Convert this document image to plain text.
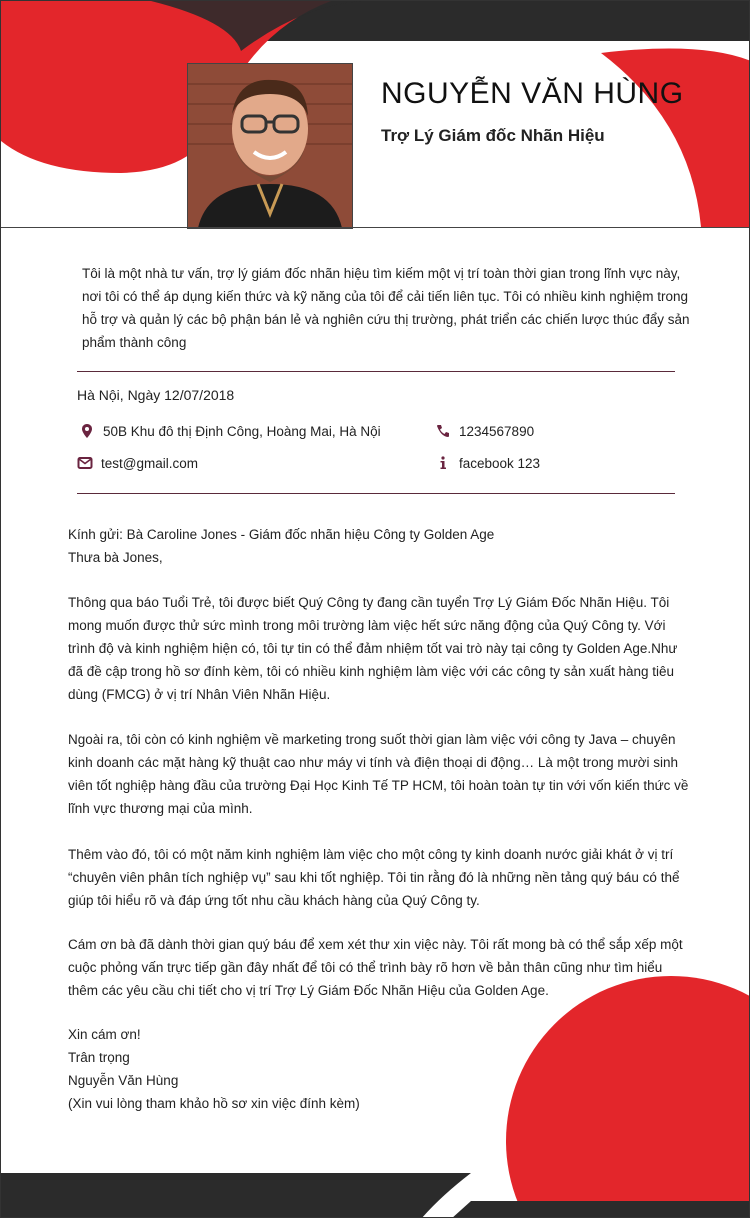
NGUYỄN VĂN HÙNG
Trợ Lý Giám đốc Nhãn Hiệu
Tôi là một nhà tư vấn, trợ lý giám đốc nhãn hiệu tìm kiếm một vị trí toàn thời gian trong lĩnh vực này, nơi tôi có thể áp dụng kiến thức và kỹ năng của tôi để cải tiến liên tục. Tôi có nhiều kinh nghiệm trong hỗ trợ và quản lý các bộ phận bán lẻ và nghiên cứu thị trường, phát triển các chiến lược thúc đẩy sản phẩm thành công
Hà Nội, Ngày 12/07/2018
50B Khu đô thị Định Công, Hoàng Mai, Hà Nội	1234567890
test@gmail.com	facebook 123

Kính gửi: Bà Caroline Jones - Giám đốc nhãn hiệu Công ty Golden Age

Thưa bà Jones,

Thông qua báo Tuổi Trẻ, tôi được biết Quý Công ty đang cần tuyển Trợ Lý Giám Đốc Nhãn Hiệu. Tôi mong muốn được thử sức mình trong môi trường làm việc hết sức năng động của Quý Công ty. Với trình độ và kinh nghiệm hiện có, tôi tự tin có thể đảm nhiệm tốt vai trò này tại công ty Golden Age.Như đã đề cập trong hồ sơ đính kèm, tôi có nhiều kinh nghiệm làm việc với các công ty sản xuất hàng tiêu dùng (FMCG) ở vị trí Nhân Viên Nhãn Hiệu.
Ngoài ra, tôi còn có kinh nghiệm về marketing trong suốt thời gian làm việc với công ty Java – chuyên kinh doanh các mặt hàng kỹ thuật cao như máy vi tính và điện thoại di động… Là một trong mười sinh viên tốt nghiệp hàng đầu của trường Đại Học Kinh Tế TP HCM, tôi hoàn toàn tự tin với vốn kiến thức về lĩnh vực thương mại của mình.
Thêm vào đó, tôi có một năm kinh nghiệm làm việc cho một công ty kinh doanh nước giải khát ở vị trí “chuyên viên phân tích nghiệp vụ” sau khi tốt nghiệp. Tôi tin rằng đó là những nền tảng quý báu có thể giúp tôi hiểu rõ và đáp ứng tốt nhu cầu khách hàng của Quý Công ty.
Cám ơn bà đã dành thời gian quý báu để xem xét thư xin việc này. Tôi rất mong bà có thể sắp xếp một cuộc phỏng vấn trực tiếp gần đây nhất để tôi có thể trình bày rõ hơn về bản thân cũng như tìm hiểu thêm các yêu cầu chi tiết cho vị trí Trợ Lý Giám Đốc Nhãn Hiệu của Golden Age.

Xin cám ơn!

Trân trọng

Nguyễn Văn Hùng

(Xin vui lòng tham khảo hồ sơ xin việc đính kèm)
